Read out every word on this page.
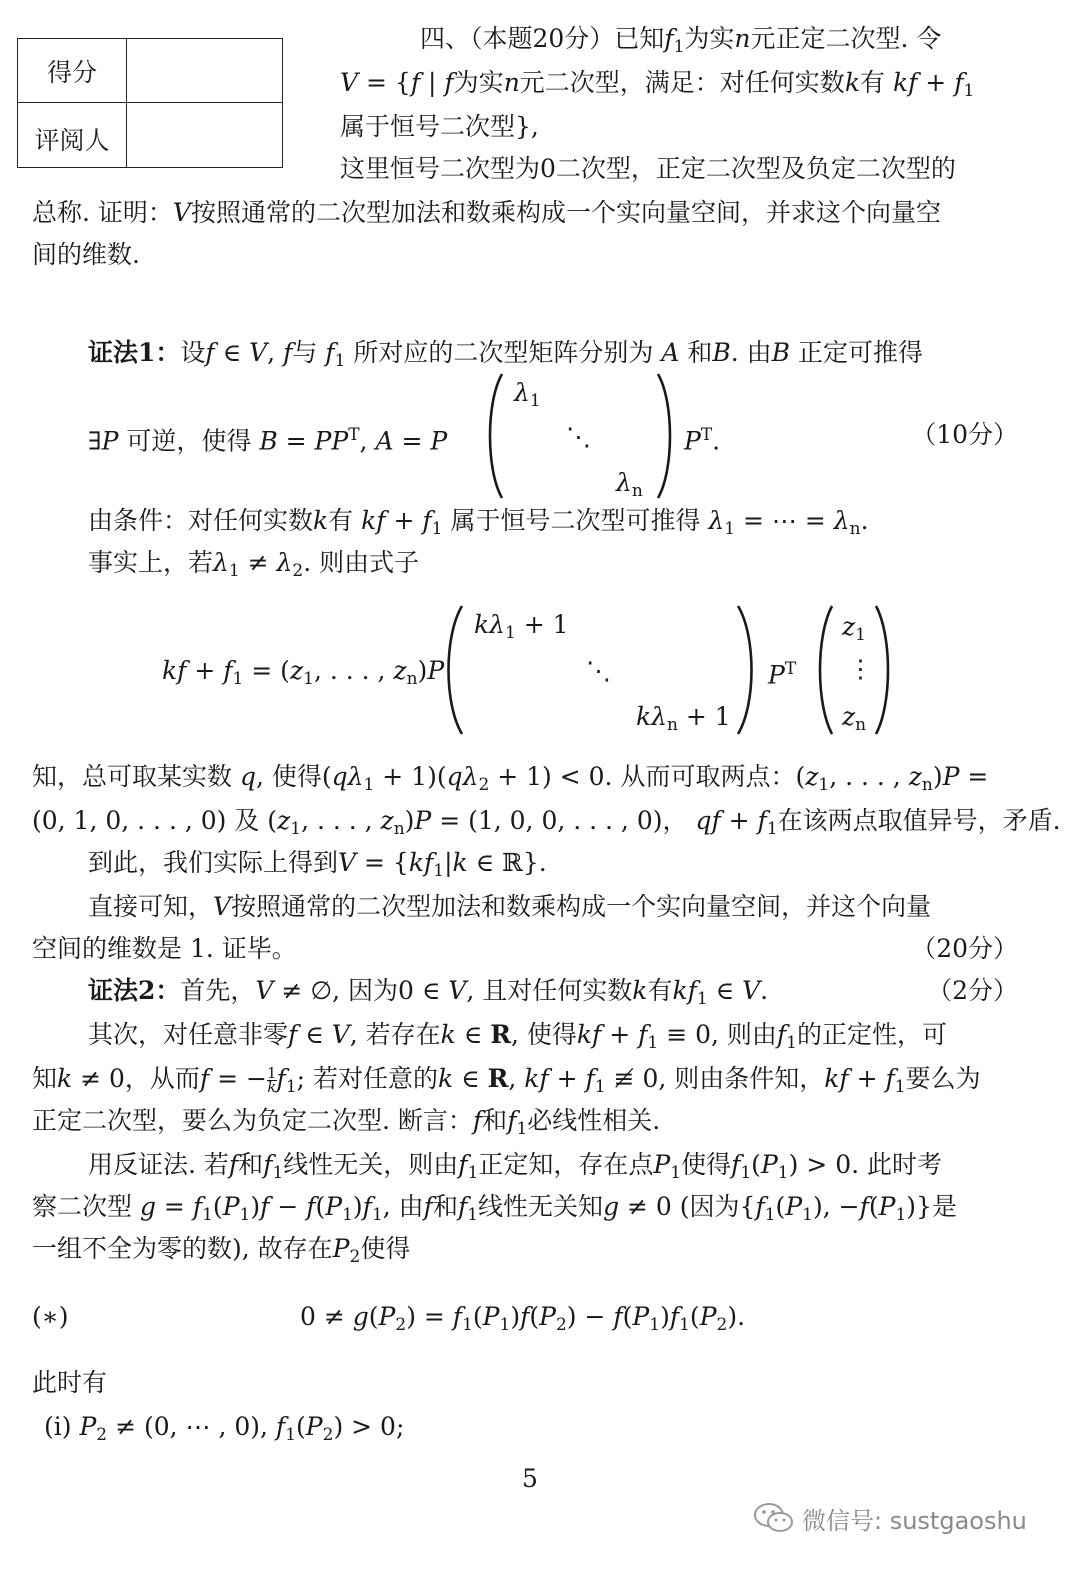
得分
评阅人
四、（本题20分）已知$f_1$为实n元正定二次型. 令
V = {f | f为实n元二次型，满足：对任何实数k有 kf + $f_1$
属于恒号二次型},
这里恒号二次型为0二次型，正定二次型及负定二次型的
总称. 证明：V按照通常的二次型加法和数乘构成一个实向量空间，并求这个向量空
间的维数.
证法1：设f ∈ V, f与 $f_1$ 所对应的二次型矩阵分别为 A 和B. 由B 正定可推得
∃P 可逆，使得 $B = PP^T$, A = P
$\lambda_1$
⋱
$\lambda_n$
$P^T$.	（10分）
由条件：对任何实数k有 kf + $f_1$ 属于恒号二次型可推得 $\lambda_1$ = ⋯ = $\lambda_n$.
事实上，若$\lambda_1 \ne \lambda_2$. 则由式子
kf + $f_1 = (z_1$, . . . , $z_n)P$
$k\lambda_1 + 1$
⋱
$k\lambda_n + 1$
$P^T$
$z_1$
⋮
$z_n$
知，总可取某实数 q, 使得$(q\lambda_1 + 1)(q\lambda_2 + 1) < 0$. 从而可取两点：($z_1$, . . . , $z_n)P$ =
(0, 1, 0, . . . , 0) 及 ($z_1$, . . . , $z_n)P = (1$, 0, 0, . . . , 0)， qf + $f_1$在该两点取值异号，矛盾.
到此，我们实际上得到$V = \{kf_1|k$ ∈ ℝ}.
直接可知，V按照通常的二次型加法和数乘构成一个实向量空间，并这个向量
空间的维数是 1. 证毕。	（20分）
证法2：首先，V ≠ ∅, 因为0 ∈ V, 且对任何实数k有$kf_1$ ∈ V.	（2分）
其次，对任意非零f ∈ V, 若存在k ∈ R, 使得kf + $f_1 \equiv 0$, 则由$f_1$的正定性，可
知k ≠ 0，从而f = − $\frac{1}{k} f_1$; 若对任意的k ∈ R, kf + $f_1$ ≢ 0, 则由条件知，kf + $f_1$要么为
正定二次型，要么为负定二次型. 断言：f和$f_1$必线性相关.
用反证法. 若f和$f_1$线性无关，则由$f_1$正定知，存在点$P_1$使得$f_1(P_1) > 0$. 此时考
察二次型 $g = f_1(P_1)f - f(P_1)f_1$, 由f和$f_1$线性无关知g ≠ 0 (因为{$f_1(P_1)$, $-f(P_1)$}是
一组不全为零的数), 故存在$P_2$使得
(∗)	$0 \ne g(P_2) = f_1(P_1)f(P_2) - f(P_1)f_1(P_2)$.
此时有
(i) $P_2 \ne (0$, ⋯ , 0), $f_1(P_2) > 0$;
5
微信号: sustgaoshu
